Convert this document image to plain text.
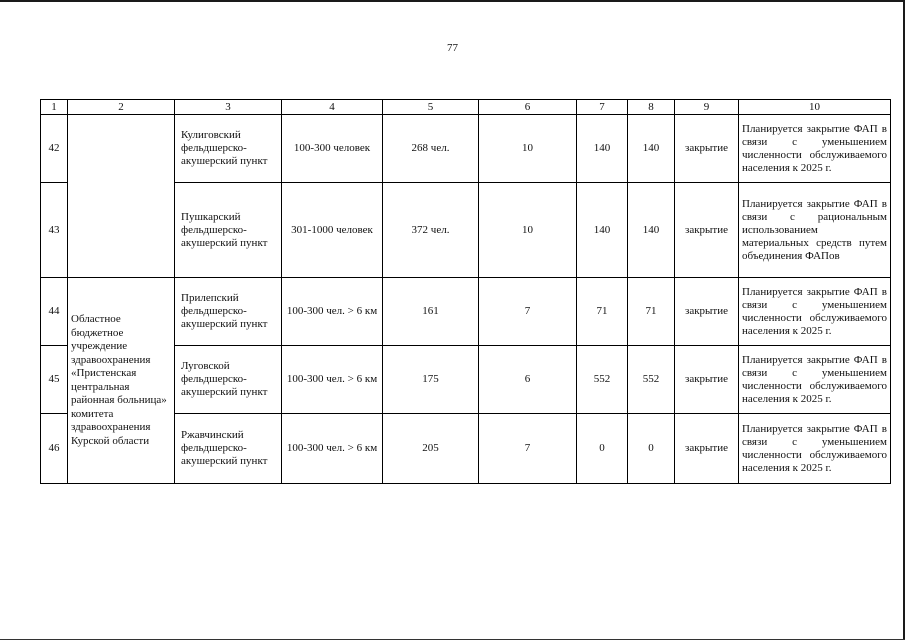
77
1	2	3	4	5	6	7	8	9	10
42		Кулиговский фельдшерско-акушерский пункт	100-300 человек	268 чел.	10	140	140	закрытие	Планируется закрытие ФАП в связи с уменьшением численности обслуживаемого населения к 2025 г.
43		Пушкарский фельдшерско-акушерский пункт	301-1000 человек	372 чел.	10	140	140	закрытие	Планируется закрытие ФАП в связи с рациональным использованием материальных средств путем объединения ФАПов
44	Областное бюджетное учреждение здравоохранения «Пристенская центральная районная больница» комитета здравоохранения Курской области	Прилепский фельдшерско-акушерский пункт	100-300 чел. > 6 км	161	7	71	71	закрытие	Планируется закрытие ФАП в связи с уменьшением численности обслуживаемого населения к 2025 г.
45		Луговской фельдшерско-акушерский пункт	100-300 чел. > 6 км	175	6	552	552	закрытие	Планируется закрытие ФАП в связи с уменьшением численности обслуживаемого населения к 2025 г.
46		Ржавчинский фельдшерско-акушерский пункт	100-300 чел. > 6 км	205	7	0	0	закрытие	Планируется закрытие ФАП в связи с уменьшением численности обслуживаемого населения к 2025 г.
